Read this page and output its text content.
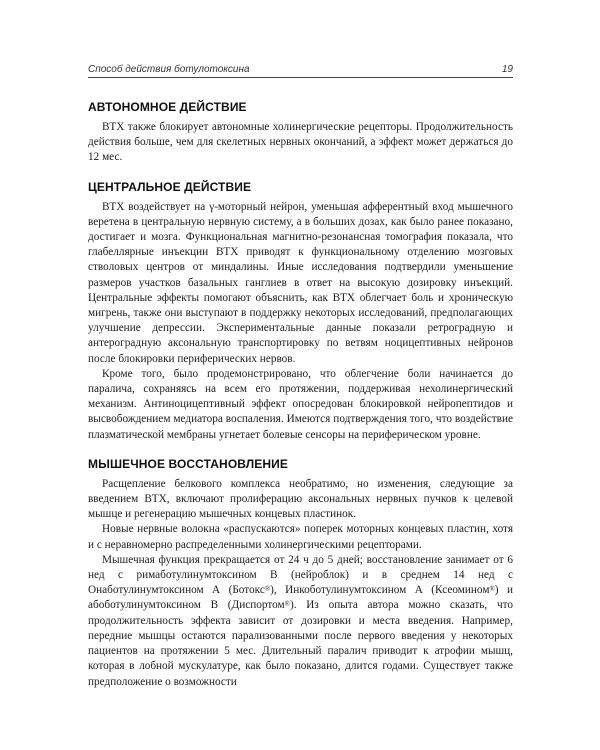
Способ действия ботулотоксина	19
АВТОНОМНОЕ ДЕЙСТВИЕ

ВТХ также блокирует автономные холинергические рецепторы. Продолжительность действия больше, чем для скелетных нервных окончаний, а эффект может держаться до 12 мес.

ЦЕНТРАЛЬНОЕ ДЕЙСТВИЕ

ВТХ воздействует на γ-моторный нейрон, уменьшая афферентный вход мышечного веретена в центральную нервную систему, а в больших дозах, как было ранее показано, достигает и мозга. Функциональная магнитно-резонансная томография показала, что глабеллярные инъекции ВТХ приводят к функциональному отделению мозговых стволовых центров от миндалины. Иные исследования подтвердили уменьшение размеров участков базальных ганглиев в ответ на высокую дозировку инъекций. Центральные эффекты помогают объяснить, как ВТХ облегчает боль и хроническую мигрень, также они выступают в поддержку некоторых исследований, предполагающих улучшение депрессии. Экспериментальные данные показали ретроградную и антероградную аксональную транспортировку по ветвям ноцицептивных нейронов после блокировки периферических нервов.

Кроме того, было продемонстрировано, что облегчение боли начинается до паралича, сохраняясь на всем его протяжении, поддерживая нехолинергический механизм. Антиноцицептивный эффект опосредован блокировкой нейропептидов и высвобождением медиатора воспаления. Имеются подтверждения того, что воздействие плазматической мембраны угнетает болевые сенсоры на периферическом уровне.

МЫШЕЧНОЕ ВОССТАНОВЛЕНИЕ

Расщепление белкового комплекса необратимо, но изменения, следующие за введением ВТХ, включают пролиферацию аксональных нервных пучков к целевой мышце и регенерацию мышечных концевых пластинок.

Новые нервные волокна «распускаются» поперек моторных концевых пластин, хотя и с неравномерно распределенными холинергическими рецепторами.

Мышечная функция прекращается от 24 ч до 5 дней; восстановление занимает от 6 нед с римаботулинумтоксином В (нейроблок) и в среднем 14 нед с Онаботулинумтоксином А (Ботокс®), Инкоботулинумтоксином А (Ксеомином®) и абоботулинумтоксином В (Диспортом®). Из опыта автора можно сказать, что продолжительность эффекта зависит от дозировки и места введения. Например, передние мышцы остаются парализованными после первого введения у некоторых пациентов на протяжении 5 мес. Длительный паралич приводит к атрофии мышц, которая в лобной мускулатуре, как было показано, длится годами. Существует также предположение о возможности
